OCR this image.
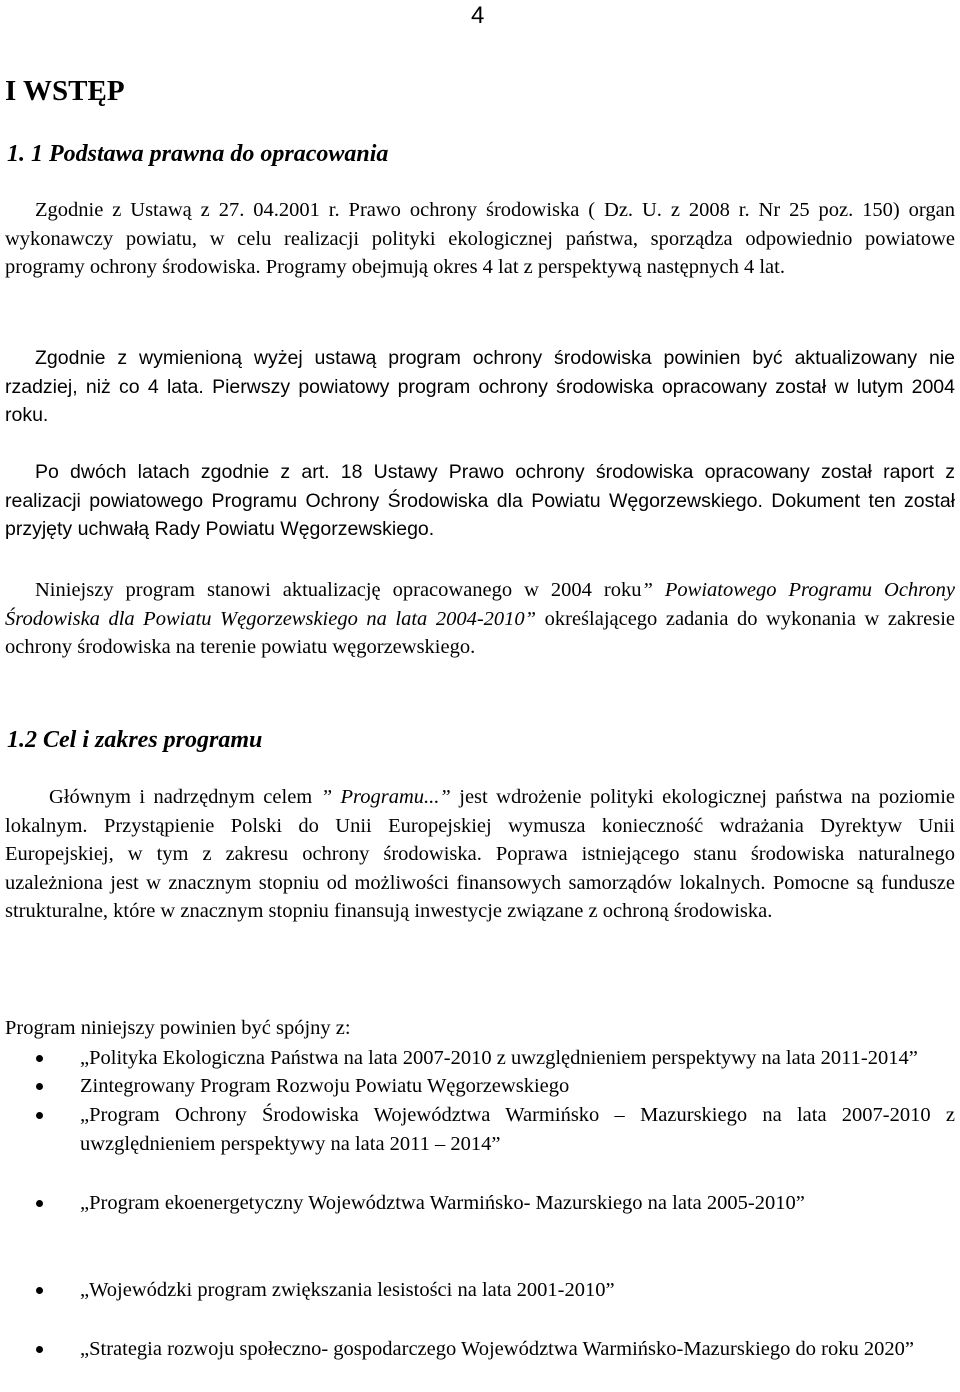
4
I WSTĘP
1. 1 Podstawa prawna do opracowania

Zgodnie z Ustawą z 27. 04.2001 r. Prawo ochrony środowiska ( Dz. U. z 2008 r. Nr 25 poz. 150) organ wykonawczy powiatu, w celu realizacji polityki ekologicznej państwa, sporządza odpowiednio powiatowe programy ochrony środowiska. Programy obejmują okres 4 lat z perspektywą następnych 4 lat.

Zgodnie z wymienioną wyżej ustawą program ochrony środowiska powinien być aktualizowany nie rzadziej, niż co 4 lata. Pierwszy powiatowy program ochrony środowiska opracowany został w lutym 2004 roku.

Po dwóch latach zgodnie z art. 18 Ustawy Prawo ochrony środowiska opracowany został raport z realizacji powiatowego Programu Ochrony Środowiska dla Powiatu Węgorzewskiego. Dokument ten został przyjęty uchwałą Rady Powiatu Węgorzewskiego.

Niniejszy program stanowi aktualizację opracowanego w 2004 roku” Powiatowego Programu Ochrony Środowiska dla Powiatu Węgorzewskiego na lata 2004-2010” określającego zadania do wykonania w zakresie ochrony środowiska na terenie powiatu węgorzewskiego.

1.2 Cel i zakres programu

Głównym i nadrzędnym celem ” Programu...” jest wdrożenie polityki ekologicznej państwa na poziomie lokalnym. Przystąpienie Polski do Unii Europejskiej wymusza konieczność wdrażania Dyrektyw Unii Europejskiej, w tym z zakresu ochrony środowiska. Poprawa istniejącego stanu środowiska naturalnego uzależniona jest w znacznym stopniu od możliwości finansowych samorządów lokalnych. Pomocne są fundusze strukturalne, które w znacznym stopniu finansują inwestycje związane z ochroną środowiska.

Program niniejszy powinien być spójny z:

„Polityka Ekologiczna Państwa na lata 2007-2010 z uwzględnieniem perspektywy na lata 2011-2014”
Zintegrowany Program Rozwoju Powiatu Węgorzewskiego
„Program Ochrony Środowiska Województwa Warmińsko – Mazurskiego na lata 2007-2010 z uwzględnieniem perspektywy na lata 2011 – 2014”
„Program ekoenergetyczny Województwa Warmińsko- Mazurskiego na lata 2005-2010”
„Wojewódzki program zwiększania lesistości na lata 2001-2010”
„Strategia rozwoju społeczno- gospodarczego Województwa Warmińsko-Mazurskiego do roku 2020”
